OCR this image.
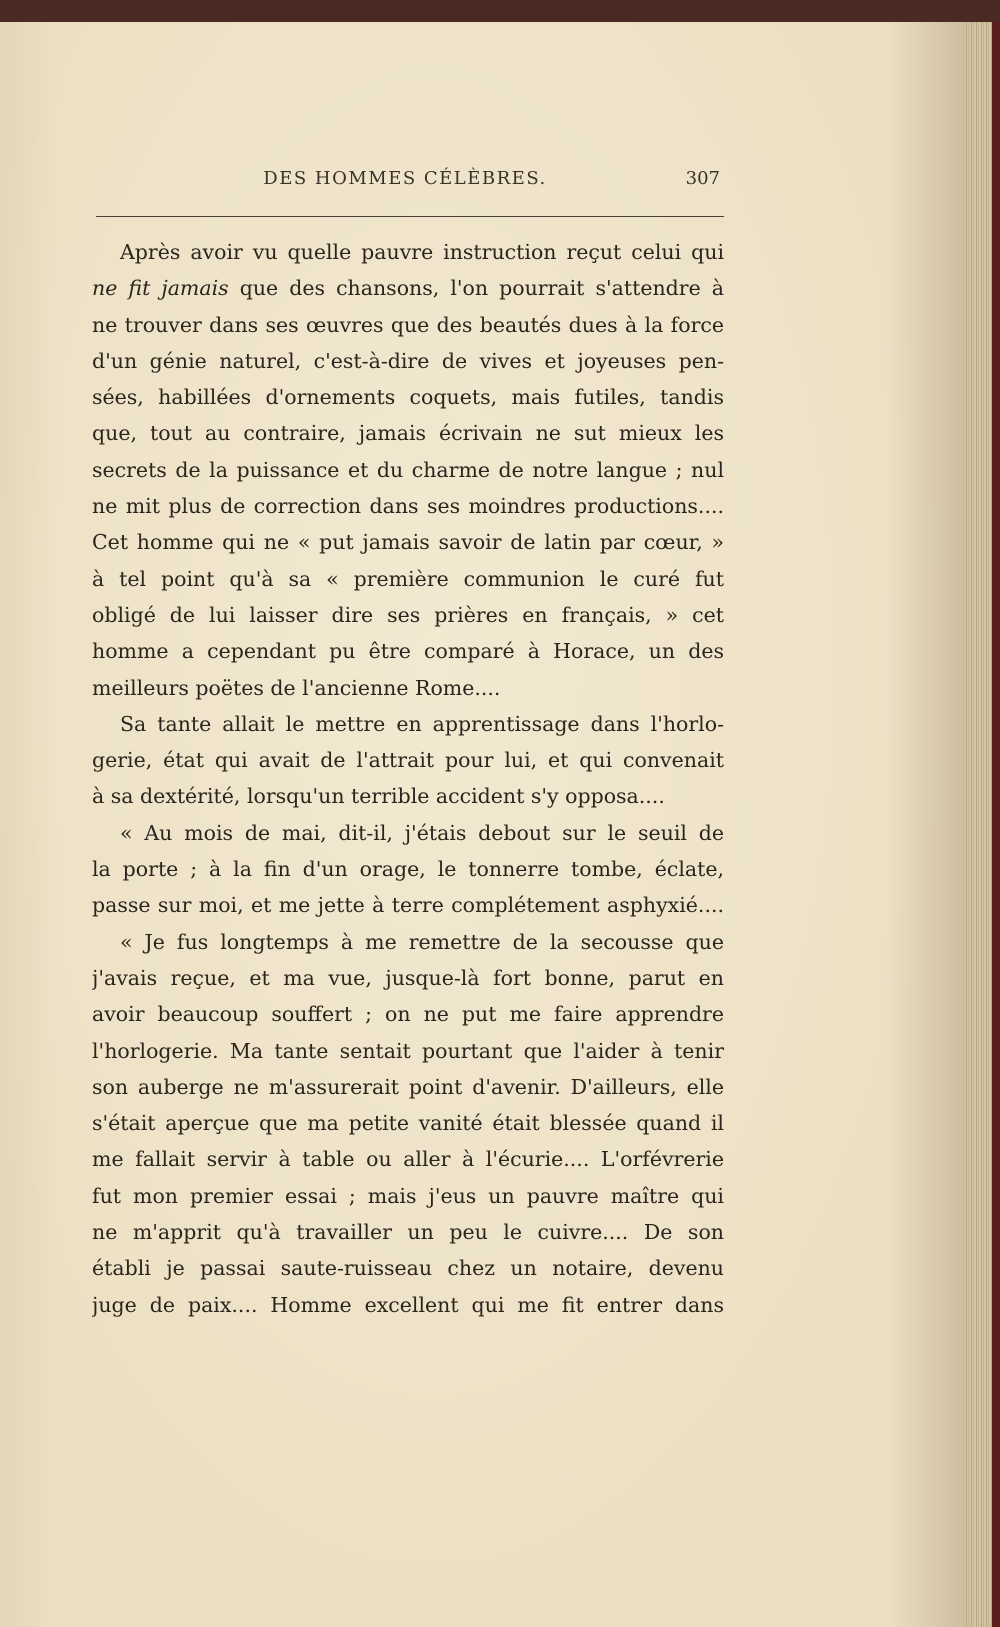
DES HOMMES CÉLÈBRES.	307
Après avoir vu quelle pauvre instruction reçut celui qui
ne fit jamais que des chansons, l'on pourrait s'attendre à
ne trouver dans ses œuvres que des beautés dues à la force
d'un génie naturel, c'est-à-dire de vives et joyeuses pen-
sées, habillées d'ornements coquets, mais futiles, tandis
que, tout au contraire, jamais écrivain ne sut mieux les
secrets de la puissance et du charme de notre langue ; nul
ne mit plus de correction dans ses moindres productions....
Cet homme qui ne « put jamais savoir de latin par cœur, »
à tel point qu'à sa « première communion le curé fut
obligé de lui laisser dire ses prières en français, » cet
homme a cependant pu être comparé à Horace, un des
meilleurs poëtes de l'ancienne Rome....
Sa tante allait le mettre en apprentissage dans l'horlo-
gerie, état qui avait de l'attrait pour lui, et qui convenait
à sa dextérité, lorsqu'un terrible accident s'y opposa....
« Au mois de mai, dit-il, j'étais debout sur le seuil de
la porte ; à la fin d'un orage, le tonnerre tombe, éclate,
passe sur moi, et me jette à terre complétement asphyxié....
« Je fus longtemps à me remettre de la secousse que
j'avais reçue, et ma vue, jusque-là fort bonne, parut en
avoir beaucoup souffert ; on ne put me faire apprendre
l'horlogerie. Ma tante sentait pourtant que l'aider à tenir
son auberge ne m'assurerait point d'avenir. D'ailleurs, elle
s'était aperçue que ma petite vanité était blessée quand il
me fallait servir à table ou aller à l'écurie.... L'orfévrerie
fut mon premier essai ; mais j'eus un pauvre maître qui
ne m'apprit qu'à travailler un peu le cuivre.... De son
établi je passai saute-ruisseau chez un notaire, devenu
juge de paix.... Homme excellent qui me fit entrer dans
